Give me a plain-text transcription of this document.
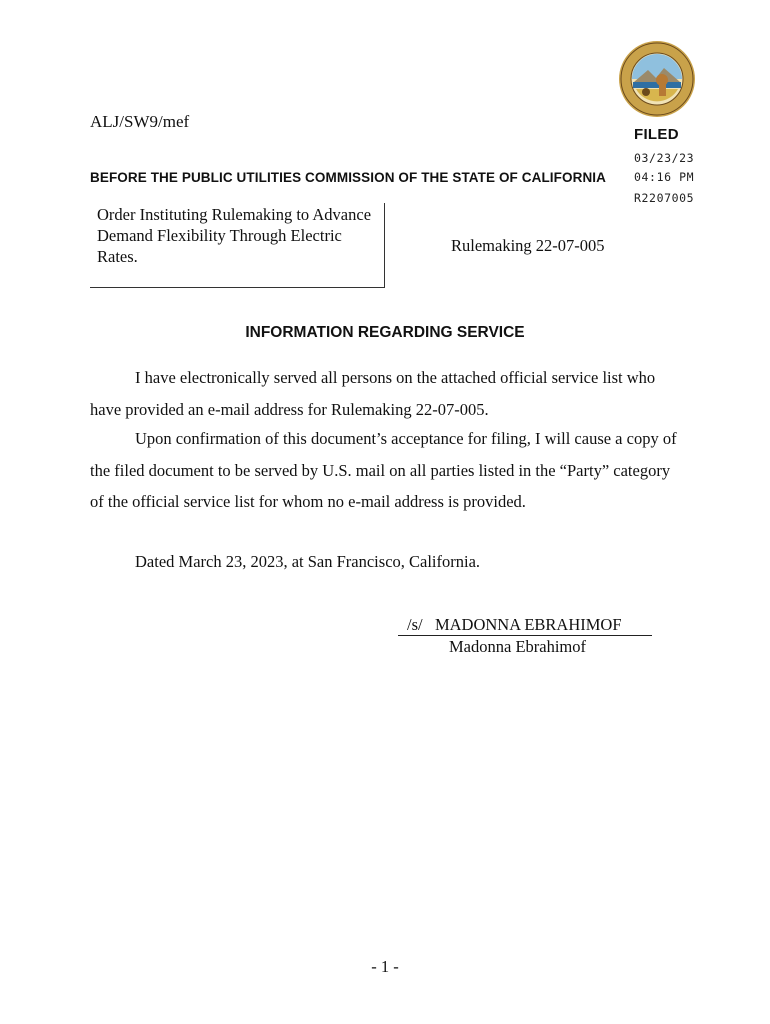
ALJ/SW9/mef
FILED
03/23/23
04:16 PM
R2207005
BEFORE THE PUBLIC UTILITIES COMMISSION OF THE STATE OF CALIFORNIA
Order Instituting Rulemaking to Advance Demand Flexibility Through Electric Rates.
Rulemaking 22-07-005
INFORMATION REGARDING SERVICE
I have electronically served all persons on the attached official service list who have provided an e-mail address for Rulemaking 22-07-005.
Upon confirmation of this document’s acceptance for filing, I will cause a copy of the filed document to be served by U.S. mail on all parties listed in the “Party” category of the official service list for whom no e-mail address is provided.
Dated March 23, 2023, at San Francisco, California.
/s/   MADONNA EBRAHIMOF
Madonna Ebrahimof
- 1 -
